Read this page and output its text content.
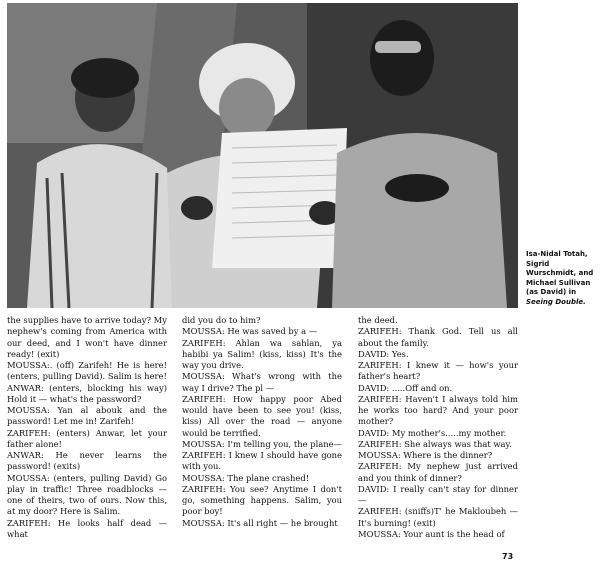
Isa-Nidal Totah, Sigrid Wurschmidt, and Michael Sullivan (as David) in Seeing Double.

the supplies have to arrive today? My nephew's coming from America with our deed, and I won't have dinner ready! (exit)

MOUSSA:. (off) Zarifeh! He is here! (enters, pulling David). Salim is here!

ANWAR: (enters, blocking his way) Hold it — what's the password?

MOUSSA: Yan al abouk and the password! Let me in! Zarifeh!

ZARIFEH: (enters) Anwar, let your father alone!

ANWAR: He never learns the password! (exits)

MOUSSA: (enters, pulling David) Go play in traffic! Three roadblocks — one of theirs, two of ours. Now this, at my door? Here is Salim.

ZARIFEH: He looks half dead — what

did you do to him?

MOUSSA: He was saved by a —

ZARIFEH: Ahlan wa sahlan, ya habibi ya Salim! (kiss, kiss) It's the way you drive.

MOUSSA: What's wrong with the way I drive? The pl —

ZARIFEH: How happy poor Abed would have been to see you! (kiss, kiss) All over the road — anyone would be terrified.

MOUSSA: I'm telling you, the plane—

ZARIFEH: I knew I should have gone with you.

MOUSSA: The plane crashed!

ZARIFEH: You see? Anytime I don't go, something happens. Salim, you poor boy!

MOUSSA: It's all right — he brought

the deed.

ZARIFEH: Thank God. Tell us all about the family.

DAVID: Yes.

ZARIFEH: I knew it — how's your father's heart?

DAVID: .....Off and on.

ZARIFEH: Haven't I always told him he works too hard? And your poor mother?

DAVID: My mother's.....my mother.

ZARIFEH: She always was that way.

MOUSSA: Where is the dinner?

ZARIFEH: My nephew just arrived and you think of dinner?

DAVID: I really can't stay for dinner—

ZARIFEH: (sniffs)T' he Makloubeh — It's burning! (exit)

MOUSSA: Your aunt is the head of

73
